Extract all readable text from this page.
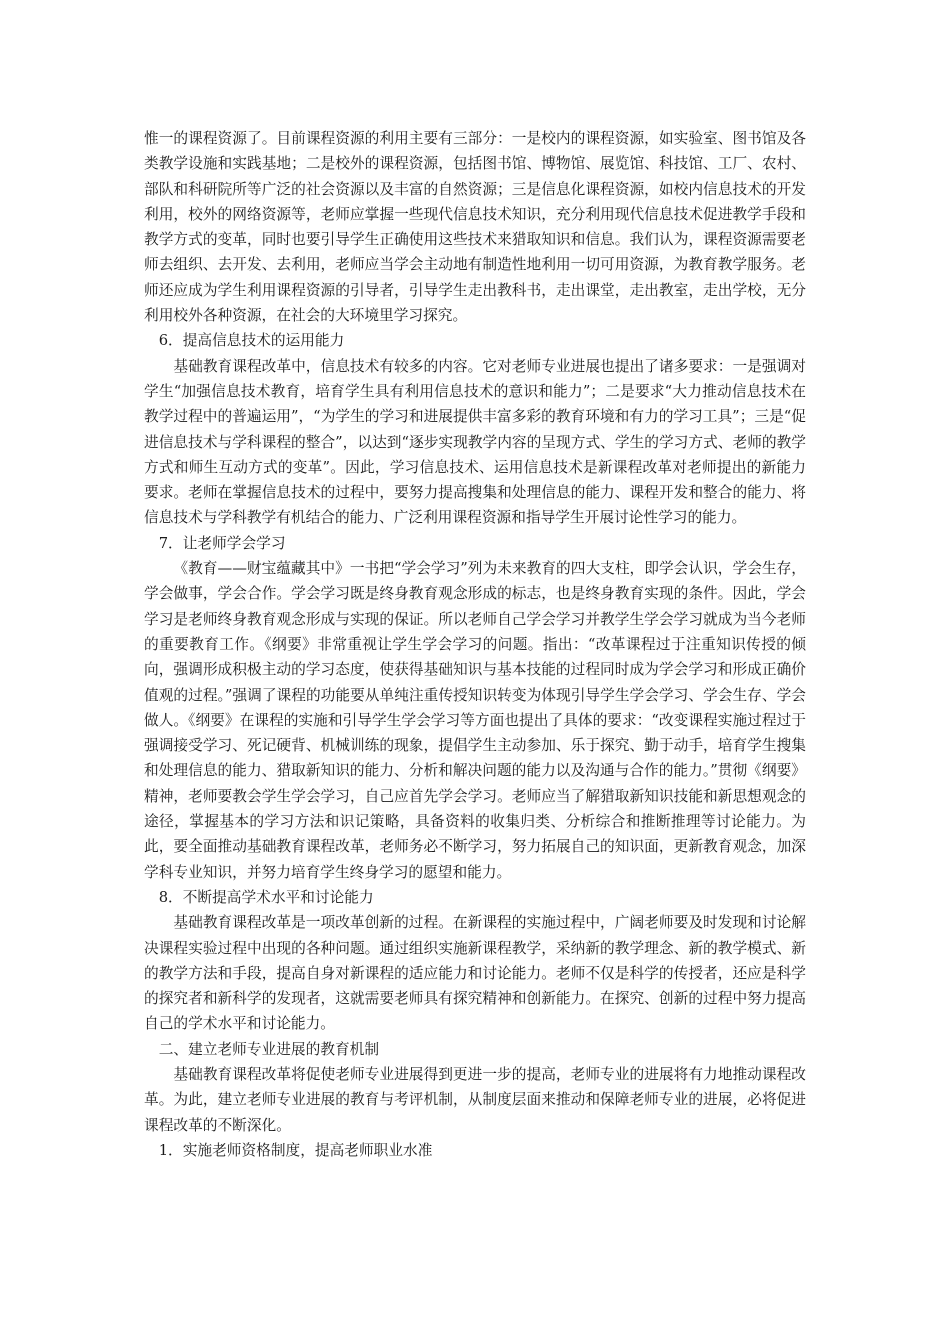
惟一的课程资源了。目前课程资源的利用主要有三部分：一是校内的课程资源，如实验室、图书馆及各类教学设施和实践基地；二是校外的课程资源，包括图书馆、博物馆、展览馆、科技馆、工厂、农村、部队和科研院所等广泛的社会资源以及丰富的自然资源；三是信息化课程资源，如校内信息技术的开发利用，校外的网络资源等，老师应掌握一些现代信息技术知识，充分利用现代信息技术促进教学手段和教学方式的变革，同时也要引导学生正确使用这些技术来猎取知识和信息。我们认为，课程资源需要老师去组织、去开发、去利用，老师应当学会主动地有制造性地利用一切可用资源，为教育教学服务。老师还应成为学生利用课程资源的引导者，引导学生走出教科书，走出课堂，走出教室，走出学校，无分利用校外各种资源，在社会的大环境里学习探究。

6．提高信息技术的运用能力

基础教育课程改革中，信息技术有较多的内容。它对老师专业进展也提出了诸多要求：一是强调对学生“加强信息技术教育，培育学生具有利用信息技术的意识和能力”；二是要求“大力推动信息技术在教学过程中的普遍运用”，“为学生的学习和进展提供丰富多彩的教育环境和有力的学习工具”；三是“促进信息技术与学科课程的整合”，以达到“逐步实现教学内容的呈现方式、学生的学习方式、老师的教学方式和师生互动方式的变革”。因此，学习信息技术、运用信息技术是新课程改革对老师提出的新能力要求。老师在掌握信息技术的过程中，要努力提高搜集和处理信息的能力、课程开发和整合的能力、将信息技术与学科教学有机结合的能力、广泛利用课程资源和指导学生开展讨论性学习的能力。

7．让老师学会学习

《教育——财宝蕴藏其中》一书把“学会学习”列为未来教育的四大支柱，即学会认识，学会生存，学会做事，学会合作。学会学习既是终身教育观念形成的标志，也是终身教育实现的条件。因此，学会学习是老师终身教育观念形成与实现的保证。所以老师自己学会学习并教学生学会学习就成为当今老师的重要教育工作。《纲要》非常重视让学生学会学习的问题。指出：“改革课程过于注重知识传授的倾向，强调形成积极主动的学习态度，使获得基础知识与基本技能的过程同时成为学会学习和形成正确价值观的过程。”强调了课程的功能要从单纯注重传授知识转变为体现引导学生学会学习、学会生存、学会做人。《纲要》在课程的实施和引导学生学会学习等方面也提出了具体的要求：“改变课程实施过程过于强调接受学习、死记硬背、机械训练的现象，提倡学生主动参加、乐于探究、勤于动手，培育学生搜集和处理信息的能力、猎取新知识的能力、分析和解决问题的能力以及沟通与合作的能力。”贯彻《纲要》精神，老师要教会学生学会学习，自己应首先学会学习。老师应当了解猎取新知识技能和新思想观念的途径，掌握基本的学习方法和识记策略，具备资料的收集归类、分析综合和推断推理等讨论能力。为此，要全面推动基础教育课程改革，老师务必不断学习，努力拓展自己的知识面，更新教育观念，加深学科专业知识，并努力培育学生终身学习的愿望和能力。

8．不断提高学术水平和讨论能力

基础教育课程改革是一项改革创新的过程。在新课程的实施过程中，广阔老师要及时发现和讨论解决课程实验过程中出现的各种问题。通过组织实施新课程教学，采纳新的教学理念、新的教学模式、新的教学方法和手段，提高自身对新课程的适应能力和讨论能力。老师不仅是科学的传授者，还应是科学的探究者和新科学的发现者，这就需要老师具有探究精神和创新能力。在探究、创新的过程中努力提高自己的学术水平和讨论能力。

二、建立老师专业进展的教育机制

基础教育课程改革将促使老师专业进展得到更进一步的提高，老师专业的进展将有力地推动课程改革。为此，建立老师专业进展的教育与考评机制，从制度层面来推动和保障老师专业的进展，必将促进课程改革的不断深化。

1．实施老师资格制度，提高老师职业水准
